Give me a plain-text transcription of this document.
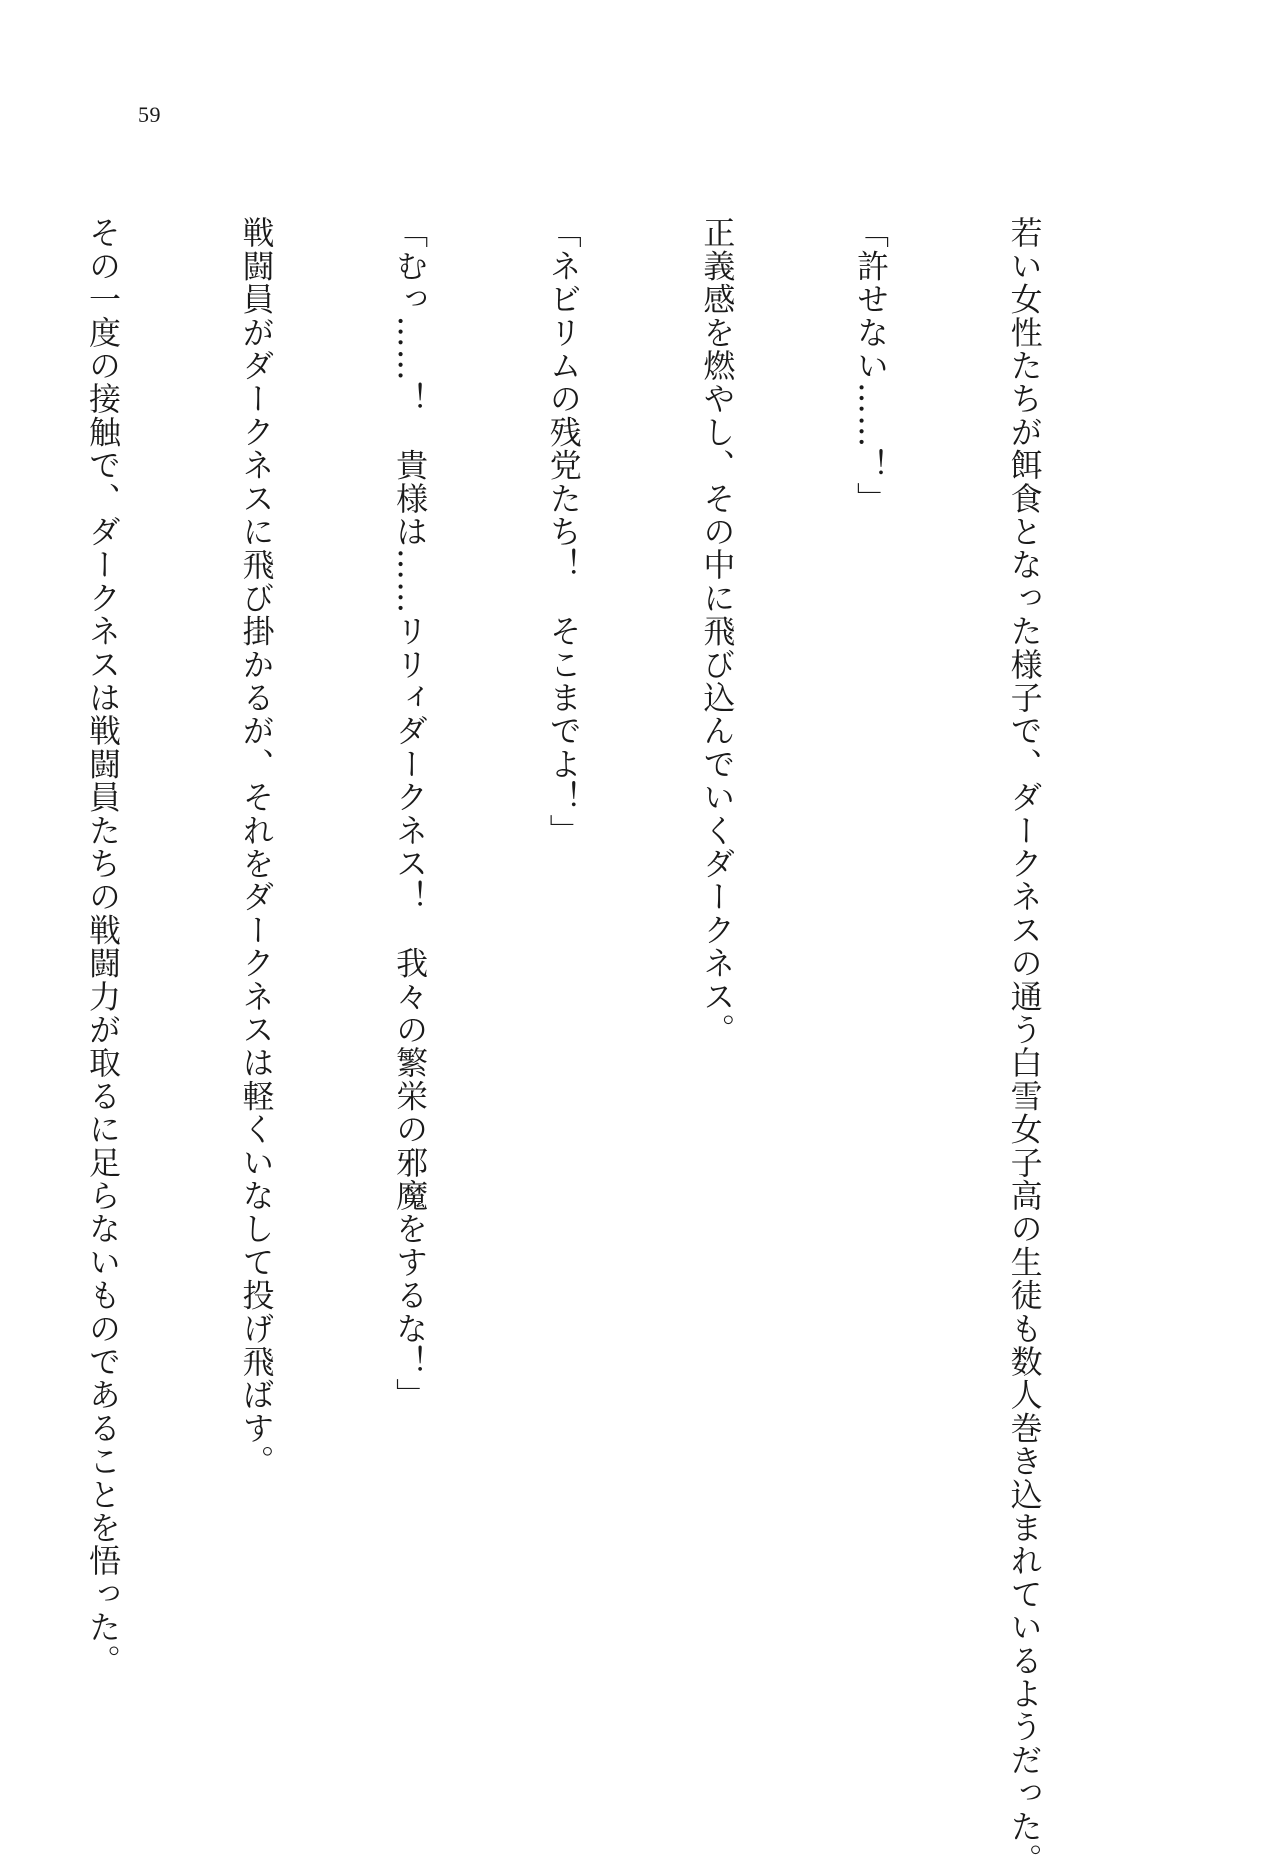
59

若い女性たちが餌食となった様子で、ダークネスの通う白雪女子高の生徒も数人巻き込まれているようだった。

「許せない……！」

正義感を燃やし、その中に飛び込んでいくダークネス。

「ネビリムの残党たち！　そこまでよ！」

「むっ……！　貴様は……リリィダークネス！　我々の繁栄の邪魔をするな！」

戦闘員がダークネスに飛び掛かるが、それをダークネスは軽くいなして投げ飛ばす。

その一度の接触で、ダークネスは戦闘員たちの戦闘力が取るに足らないものであることを悟った。
